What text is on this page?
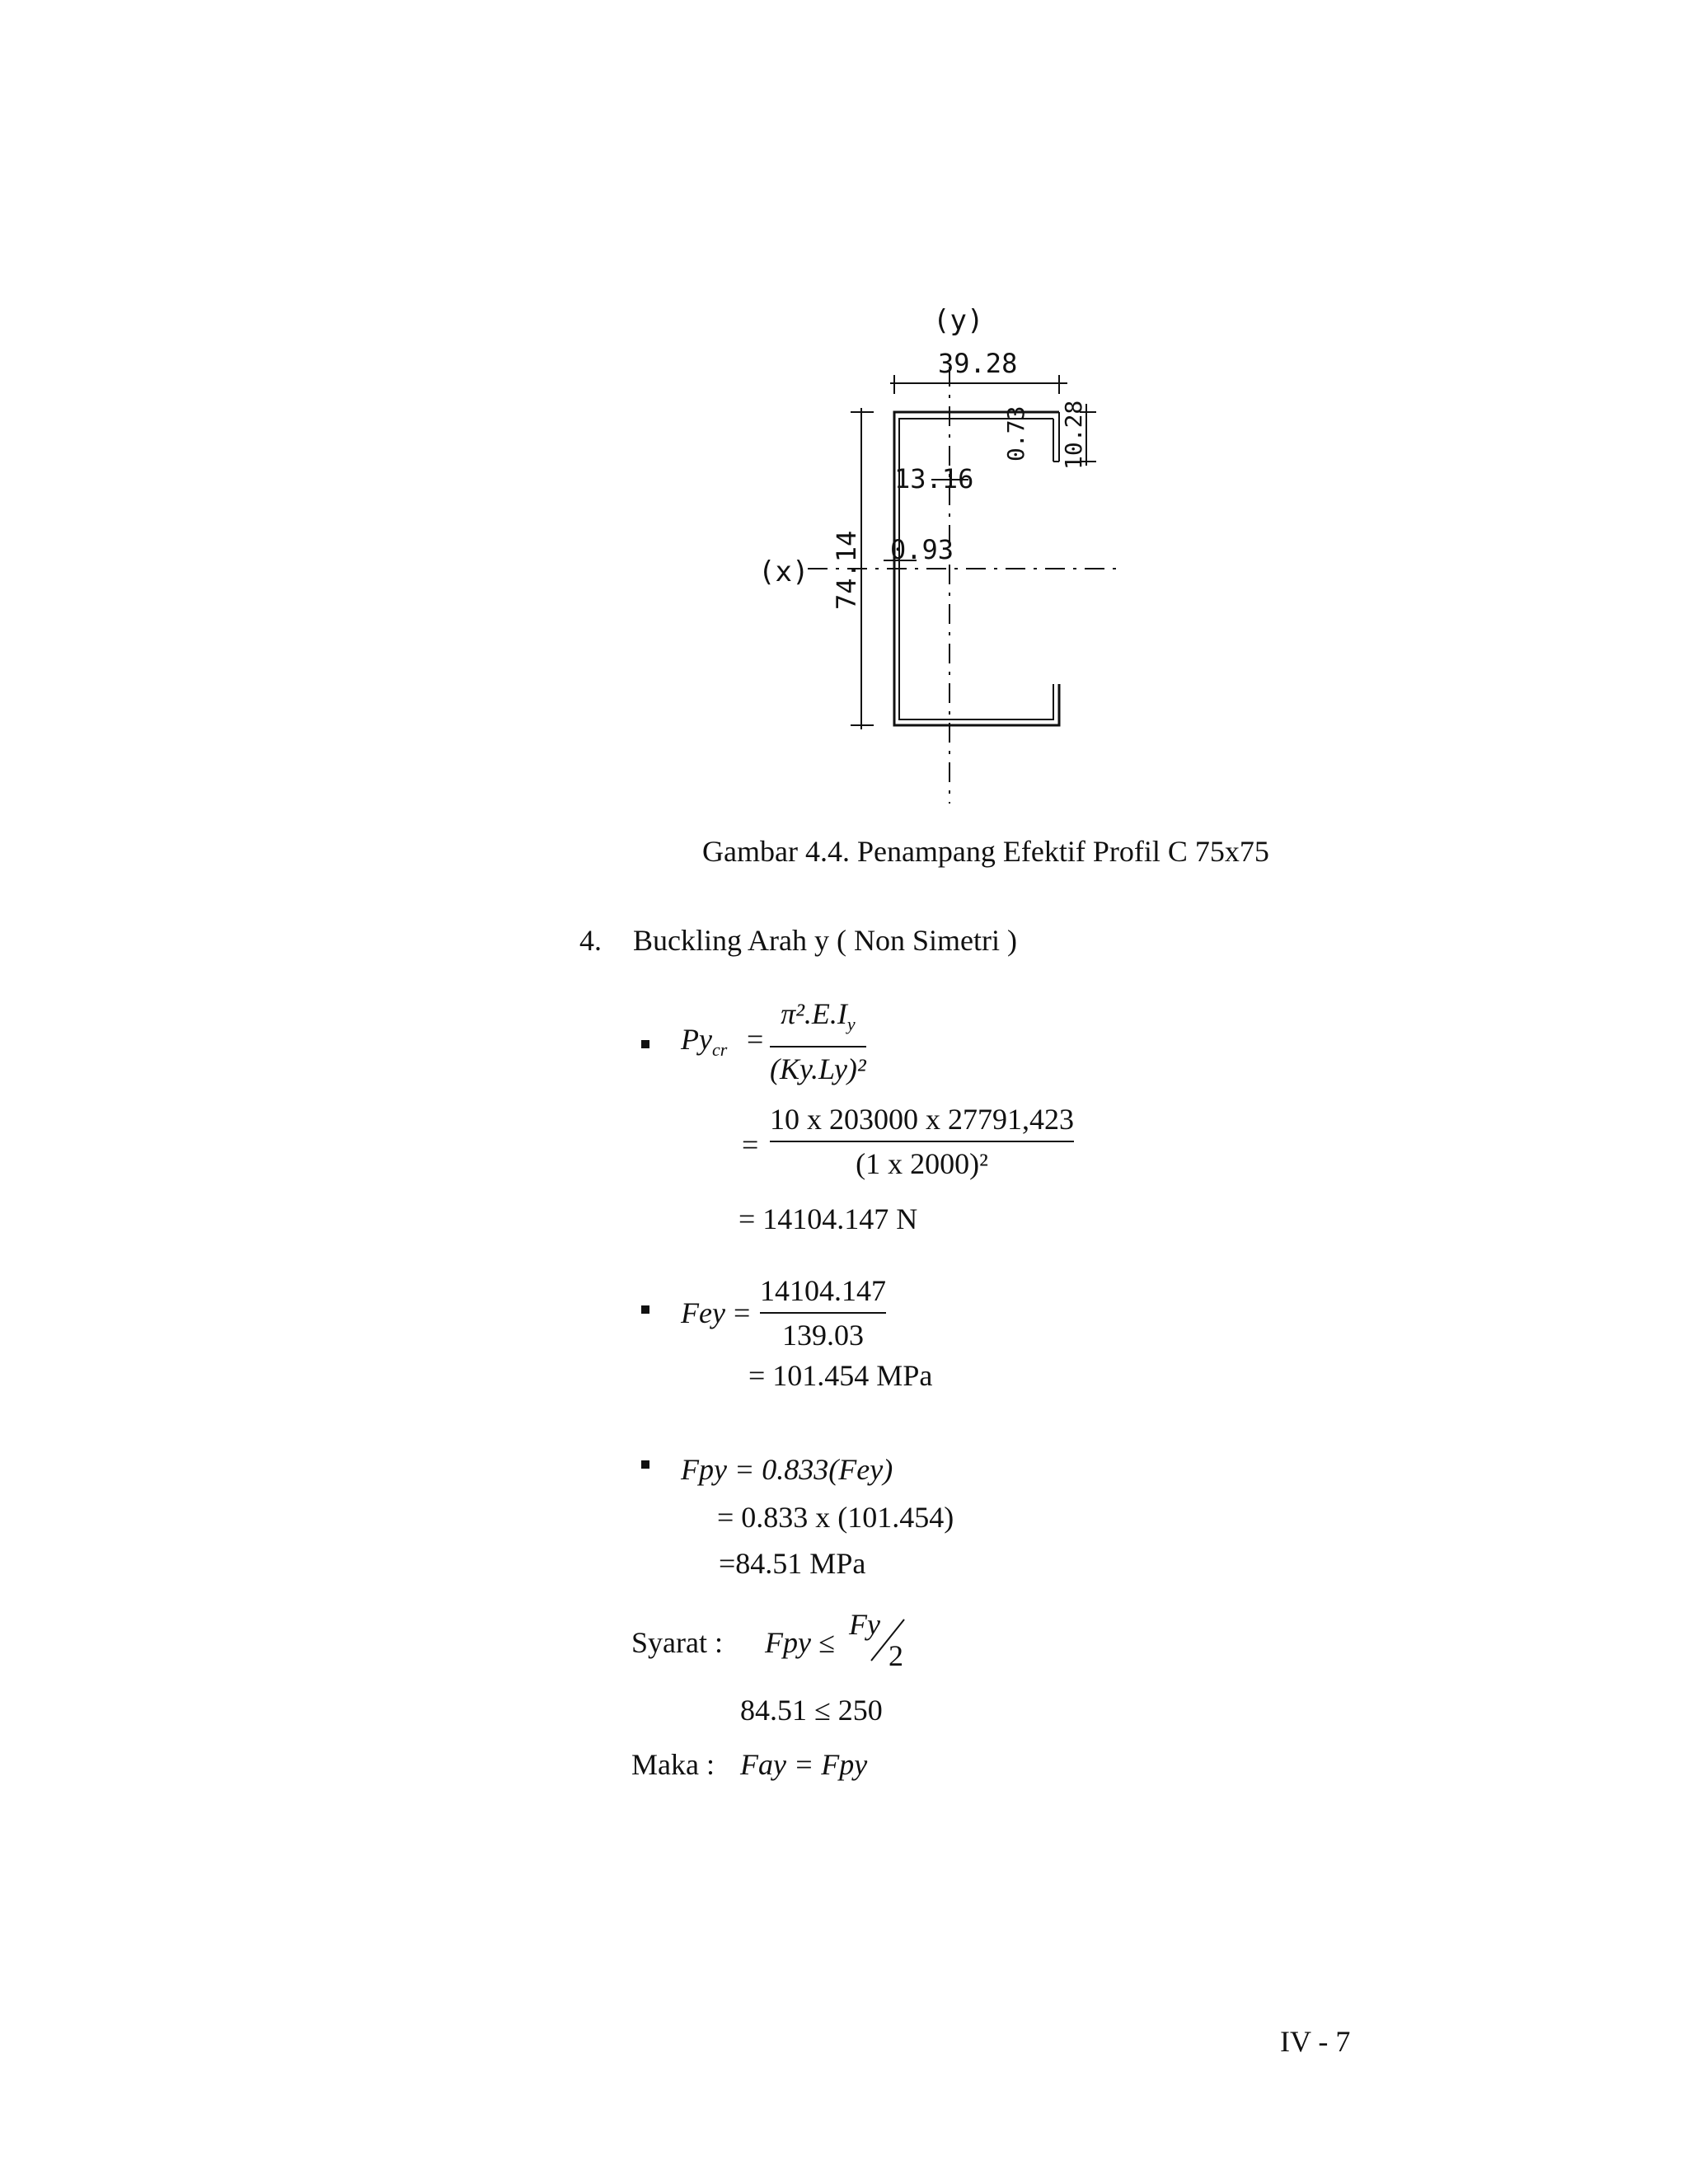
(y)
39.28
(x)
13.16
0.93
74.14
0.73 10.28
Gambar 4.4. Penampang Efektif Profil C 75x75
4. Buckling Arah y ( Non Simetri )
$Py_{cr}$ =
$\pi^2.E.I_y$
(Ky.Ly)²
=
10 x 203000 x 27791,423
(1 x 2000)²
= 14104.147 N
Fey =
14104.147
139.03
= 101.454 MPa
Fpy = 0.833(Fey)
= 0.833 x (101.454)
=84.51 MPa
Syarat : Fpy ≤
Fy
2
84.51 ≤ 250
Maka : Fay = Fpy
IV - 7
